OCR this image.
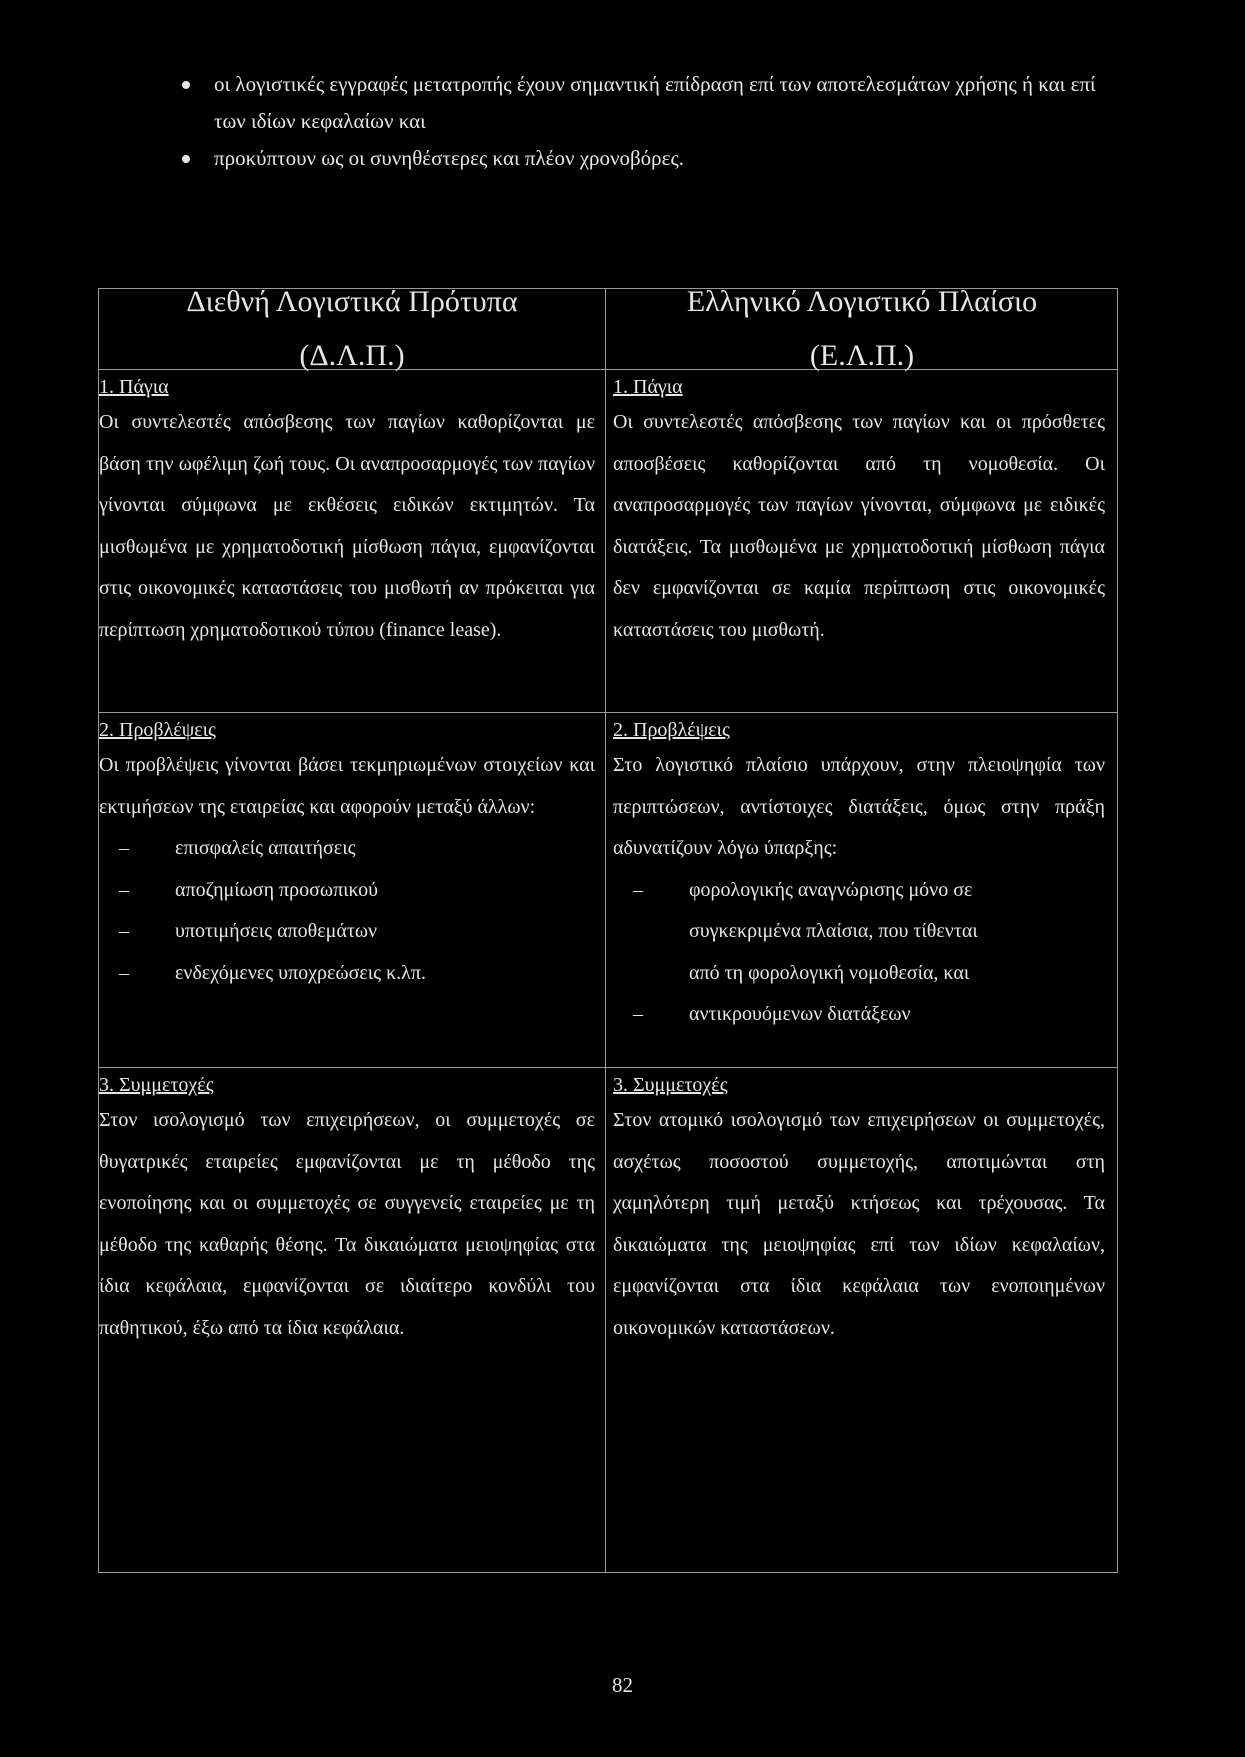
οι λογιστικές εγγραφές μετατροπής έχουν σημαντική επίδραση επί των αποτελεσμάτων χρήσης ή και επί των ιδίων κεφαλαίων και
προκύπτουν ως οι συνηθέστερες και πλέον χρονοβόρες.
Διεθνή Λογιστικά Πρότυπα
(Δ.Λ.Π.)
Ελληνικό Λογιστικό Πλαίσιο
(Ε.Λ.Π.)
1. Πάγια

Οι συντελεστές απόσβεσης των παγίων καθορίζονται με βάση την ωφέλιμη ζωή τους. Οι αναπροσαρμογές των παγίων γίνονται σύμφωνα με εκθέσεις ειδικών εκτιμητών. Τα μισθωμένα με χρηματοδοτική μίσθωση πάγια, εμφανίζονται στις οικονομικές καταστάσεις του μισθωτή αν πρόκειται για περίπτωση χρηματοδοτικού τύπου (finance lease).

1. Πάγια

Οι συντελεστές απόσβεσης των παγίων και οι πρόσθετες αποσβέσεις καθορίζονται από τη νομοθεσία. Οι αναπροσαρμογές των παγίων γίνονται, σύμφωνα με ειδικές διατάξεις. Τα μισθωμένα με χρηματοδοτική μίσθωση πάγια δεν εμφανίζονται σε καμία περίπτωση στις οικονομικές καταστάσεις του μισθωτή.

2. Προβλέψεις

Οι προβλέψεις γίνονται βάσει τεκμηριωμένων στοιχείων και εκτιμήσεων της εταιρείας και αφορούν μεταξύ άλλων:

– επισφαλείς απαιτήσεις

– αποζημίωση προσωπικού

– υποτιμήσεις αποθεμάτων

– ενδεχόμενες υποχρεώσεις κ.λπ.

2. Προβλέψεις

Στο λογιστικό πλαίσιο υπάρχουν, στην πλειοψηφία των περιπτώσεων, αντίστοιχες διατάξεις, όμως στην πράξη αδυνατίζουν λόγω ύπαρξης:

– φορολογικής αναγνώρισης μόνο σε

συγκεκριμένα πλαίσια, που τίθενται

από τη φορολογική νομοθεσία, και

– αντικρουόμενων διατάξεων

3. Συμμετοχές

Στον ισολογισμό των επιχειρήσεων, οι συμμετοχές σε θυγατρικές εταιρείες εμφανίζονται με τη μέθοδο της ενοποίησης και οι συμμετοχές σε συγγενείς εταιρείες με τη μέθοδο της καθαρής θέσης. Τα δικαιώματα μειοψηφίας στα ίδια κεφάλαια, εμφανίζονται σε ιδιαίτερο κονδύλι του παθητικού, έξω από τα ίδια κεφάλαια.

3. Συμμετοχές

Στον ατομικό ισολογισμό των επιχειρήσεων οι συμμετοχές, ασχέτως ποσοστού συμμετοχής, αποτιμώνται στη χαμηλότερη τιμή μεταξύ κτήσεως και τρέχουσας. Τα δικαιώματα της μειοψηφίας επί των ιδίων κεφαλαίων, εμφανίζονται στα ίδια κεφάλαια των ενοποιημένων οικονομικών καταστάσεων.

82
